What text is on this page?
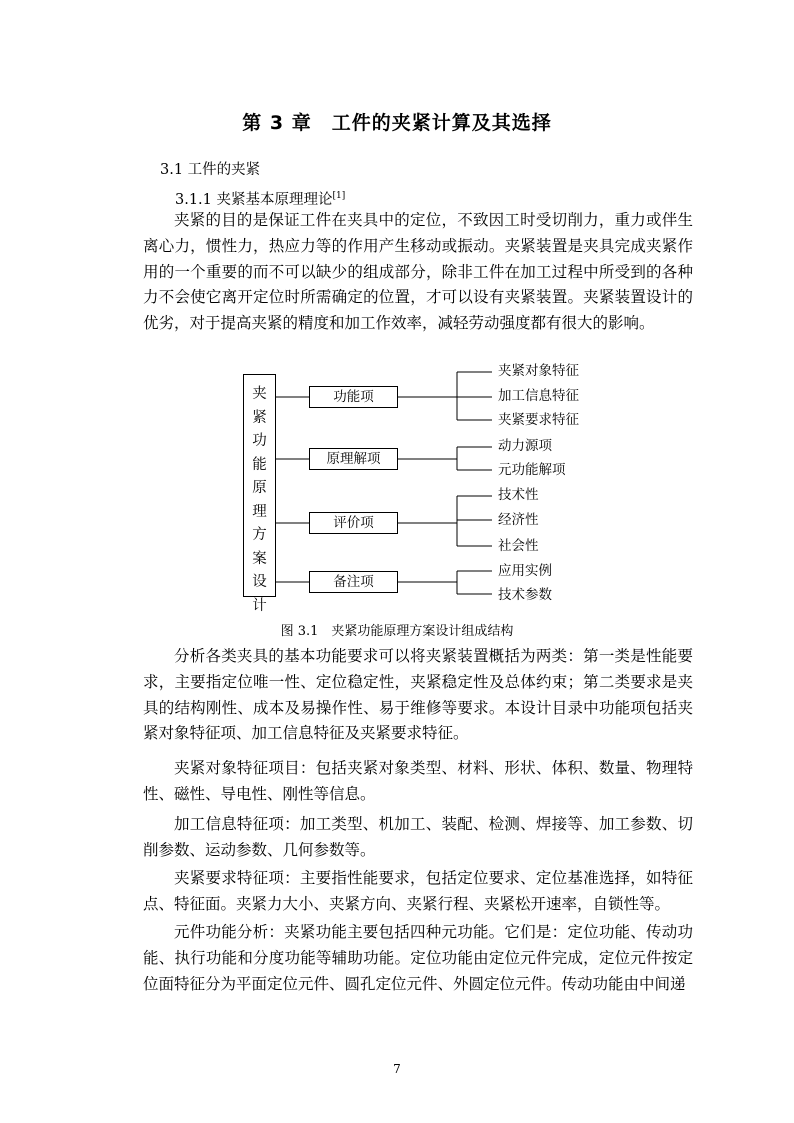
第 3 章　工件的夹紧计算及其选择
3.1 工件的夹紧
3.1.1 夹紧基本原理理论[1]

夹紧的目的是保证工件在夹具中的定位，不致因工时受切削力，重力或伴生离心力，惯性力，热应力等的作用产生移动或振动。夹紧装置是夹具完成夹紧作用的一个重要的而不可以缺少的组成部分，除非工件在加工过程中所受到的各种力不会使它离开定位时所需确定的位置，才可以设有夹紧装置。夹紧装置设计的优劣，对于提高夹紧的精度和加工作效率，减轻劳动强度都有很大的影响。

夹
紧
功
能
原
理
方
案
设
计
功能项
原理解项
评价项
备注项
夹紧对象特征
加工信息特征
夹紧要求特征
动力源项
元功能解项
技术性
经济性
社会性
应用实例
技术参数
图 3.1　夹紧功能原理方案设计组成结构

分析各类夹具的基本功能要求可以将夹紧装置概括为两类：第一类是性能要求，主要指定位唯一性、定位稳定性，夹紧稳定性及总体约束；第二类要求是夹具的结构刚性、成本及易操作性、易于维修等要求。本设计目录中功能项包括夹紧对象特征项、加工信息特征及夹紧要求特征。

夹紧对象特征项目：包括夹紧对象类型、材料、形状、体积、数量、物理特性、磁性、导电性、刚性等信息。

加工信息特征项：加工类型、机加工、装配、检测、焊接等、加工参数、切削参数、运动参数、几何参数等。

夹紧要求特征项：主要指性能要求，包括定位要求、定位基准选择，如特征点、特征面。夹紧力大小、夹紧方向、夹紧行程、夹紧松开速率，自锁性等。

元件功能分析：夹紧功能主要包括四种元功能。它们是：定位功能、传动功能、执行功能和分度功能等辅助功能。定位功能由定位元件完成，定位元件按定位面特征分为平面定位元件、圆孔定位元件、外圆定位元件。传动功能由中间递

7
